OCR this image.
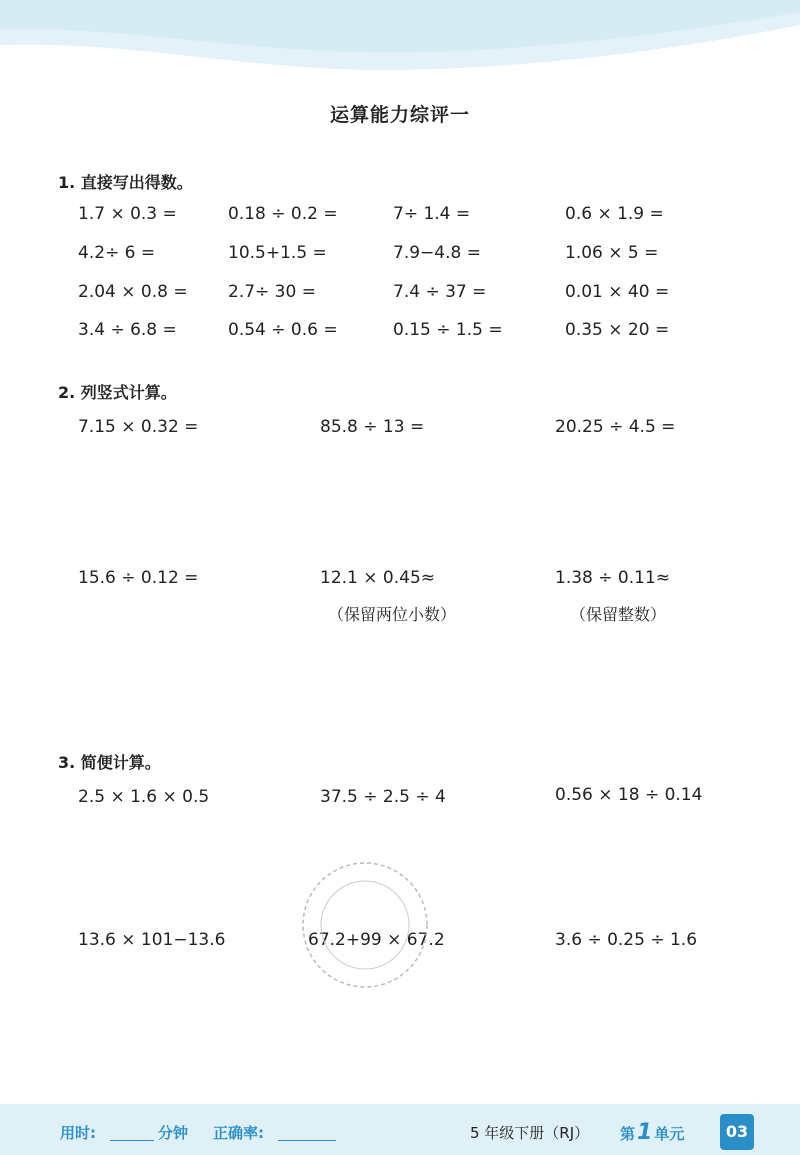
运算能力综评一
1. 直接写出得数。
1.7 × 0.3 =	0.18 ÷ 0.2 =	7÷ 1.4 =	0.6 × 1.9 =
4.2÷ 6 =	10.5+1.5 =	7.9−4.8 =	1.06 × 5 =
2.04 × 0.8 = 2.7÷ 30 =	7.4 ÷ 37 =	0.01 × 40 =
3.4 ÷ 6.8 =	0.54 ÷ 0.6 =	0.15 ÷ 1.5 =	0.35 × 20 =
2. 列竖式计算。
7.15 × 0.32 =	85.8 ÷ 13 =	20.25 ÷ 4.5 =
15.6 ÷ 0.12 =	12.1 × 0.45≈	1.38 ÷ 0.11≈
（保留两位小数）	（保留整数）
3. 简便计算。
2.5 × 1.6 × 0.5	37.5 ÷ 2.5 ÷ 4	0.56 × 18 ÷ 0.14
13.6 × 101−13.6	67.2+99 × 67.2	3.6 ÷ 0.25 ÷ 1.6
用时:	分钟 正确率:	5 年级下册（RJ） 第1 单元	03
